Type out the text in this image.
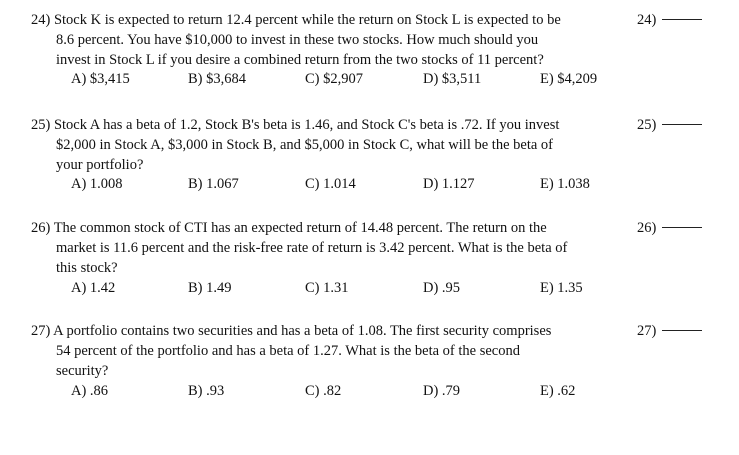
24) Stock K is expected to return 12.4 percent while the return on Stock L is expected to be
8.6 percent. You have $10,000 to invest in these two stocks. How much should you
invest in Stock L if you desire a combined return from the two stocks of 11 percent?
A) $3,415	B) $3,684	C) $2,907	D) $3,511	E) $4,209
24)
25) Stock A has a beta of 1.2, Stock B's beta is 1.46, and Stock C's beta is .72. If you invest
$2,000 in Stock A, $3,000 in Stock B, and $5,000 in Stock C, what will be the beta of
your portfolio?
A) 1.008	B) 1.067	C) 1.014	D) 1.127	E) 1.038
25)
26) The common stock of CTI has an expected return of 14.48 percent. The return on the
market is 11.6 percent and the risk-free rate of return is 3.42 percent. What is the beta of
this stock?
A) 1.42	B) 1.49	C) 1.31	D) .95	E) 1.35
26)
27) A portfolio contains two securities and has a beta of 1.08. The first security comprises
54 percent of the portfolio and has a beta of 1.27. What is the beta of the second
security?
A) .86	B) .93	C) .82	D) .79	E) .62
27)
